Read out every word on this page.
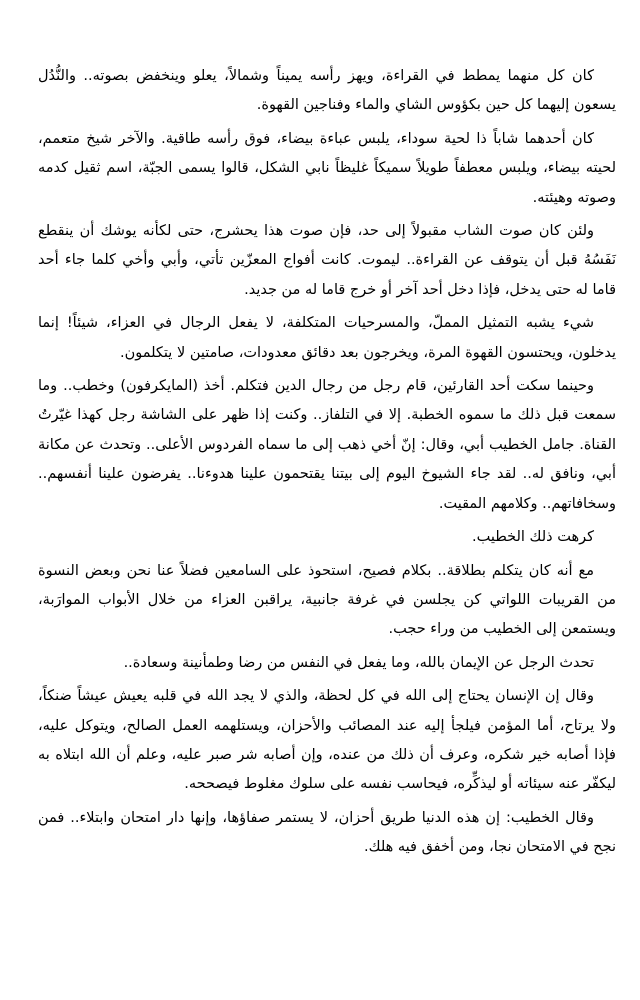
كان كل منهما يمطط في القراءة، ويهز رأسه يميناً وشمالاً، يعلو وينخفض بصوته.. والنُّدُل يسعون إليهما كل حين بكؤوس الشاي والماء وفناجين القهوة.

كان أحدهما شاباً ذا لحية سوداء، يلبس عباءة بيضاء، فوق رأسه طاقية. والآخر شيخ متعمم، لحيته بيضاء، ويلبس معطفاً طويلاً سميكاً غليظاً نابي الشكل، قالوا يسمى الجبّة، اسم ثقيل كدمه وصوته وهيئته.

ولئن كان صوت الشاب مقبولاً إلى حد، فإن صوت هذا يحشرج، حتى لكأنه يوشك أن ينقطع نَفَسُهُ قبل أن يتوقف عن القراءة.. ليموت. كانت أفواج المعزّين تأتي، وأبي وأخي كلما جاء أحد قاما له حتى يدخل، فإذا دخل أحد آخر أو خرج قاما له من جديد.

شيء يشبه التمثيل المملّ، والمسرحيات المتكلفة، لا يفعل الرجال في العزاء، شيئاً! إنما يدخلون، ويحتسون القهوة المرة، ويخرجون بعد دقائق معدودات، صامتين لا يتكلمون.

وحينما سكت أحد القارئين، قام رجل من رجال الدين فتكلم. أخذ (المايكرفون) وخطب.. وما سمعت قبل ذلك ما سموه الخطبة. إلا في التلفاز.. وكنت إذا ظهر على الشاشة رجل كهذا غيّرتُ القناة. جامل الخطيب أبي، وقال: إنّ أخي ذهب إلى ما سماه الفردوس الأعلى.. وتحدث عن مكانة أبي، ونافق له.. لقد جاء الشيوخ اليوم إلى بيتنا يقتحمون علينا هدوءنا.. يفرضون علينا أنفسهم.. وسخافاتهم.. وكلامهم المقيت.

كرهت ذلك الخطيب.

مع أنه كان يتكلم بطلاقة.. بكلام فصيح، استحوذ على السامعين فضلاً عنا نحن وبعض النسوة من القريبات اللواتي كن يجلسن في غرفة جانبية، يراقبن العزاء من خلال الأبواب الموارَبة، ويستمعن إلى الخطيب من وراء حجب.

تحدث الرجل عن الإيمان بالله، وما يفعل في النفس من رضا وطمأنينة وسعادة..

وقال إن الإنسان يحتاج إلى الله في كل لحظة، والذي لا يجد الله في قلبه يعيش عيشاً ضنكاً، ولا يرتاح، أما المؤمن فيلجأ إليه عند المصائب والأحزان، ويستلهمه العمل الصالح، ويتوكل عليه، فإذا أصابه خير شكره، وعرف أن ذلك من عنده، وإن أصابه شر صبر عليه، وعلم أن الله ابتلاه به ليكفّر عنه سيئاته أو ليذكِّره، فيحاسب نفسه على سلوك مغلوط فيصححه.

وقال الخطيب: إن هذه الدنيا طريق أحزان، لا يستمر صفاؤها، وإنها دار امتحان وابتلاء.. فمن نجح في الامتحان نجا، ومن أخفق فيه هلك.
